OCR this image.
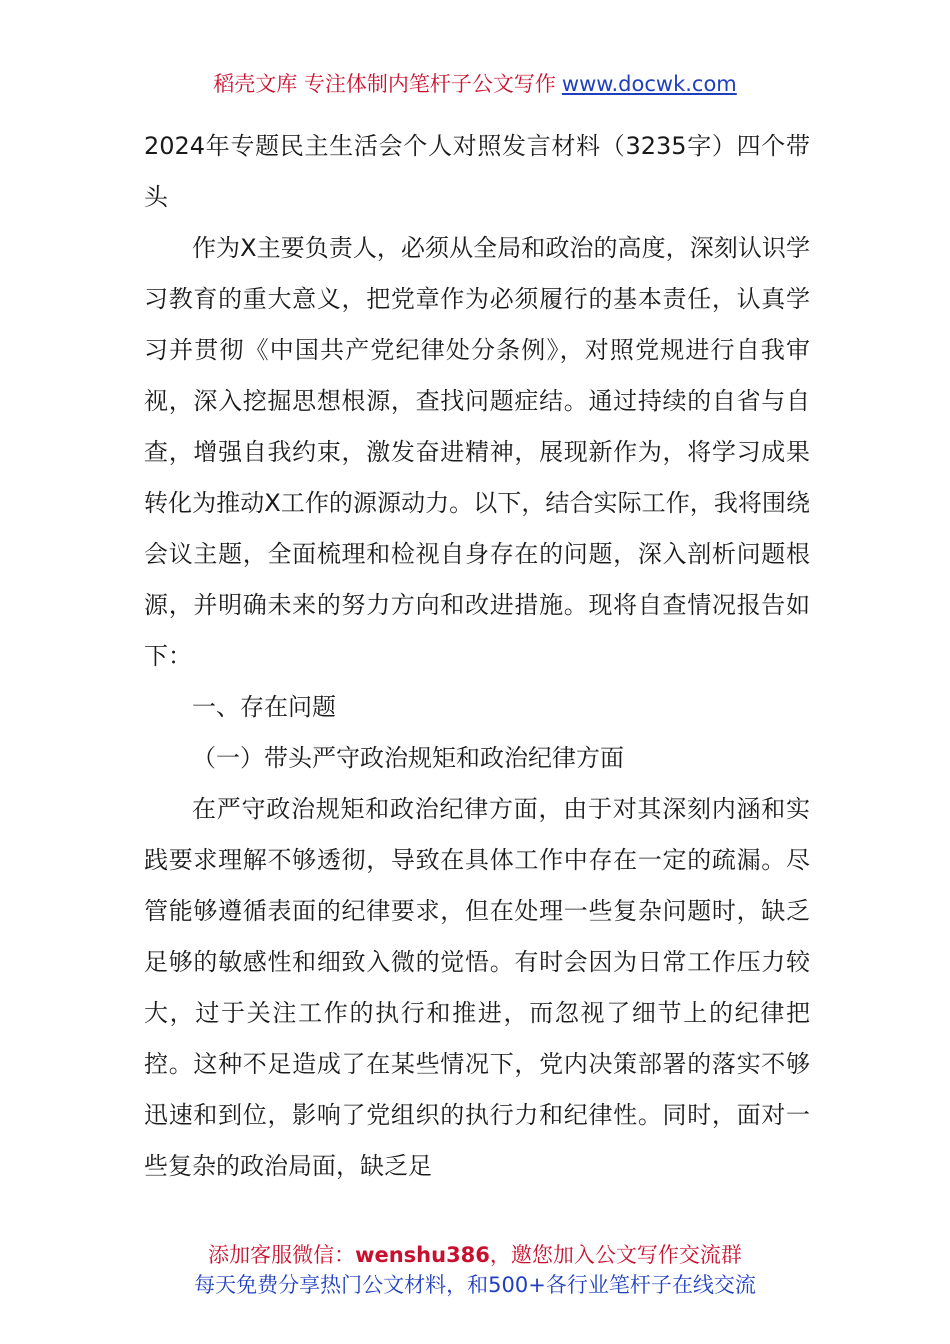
稻壳文库 专注体制内笔杆子公文写作 www.docwk.com

2024年专题民主生活会个人对照发言材料（3235字）四个带头

作为X主要负责人，必须从全局和政治的高度，深刻认识学习教育的重大意义，把党章作为必须履行的基本责任，认真学习并贯彻《中国共产党纪律处分条例》，对照党规进行自我审视，深入挖掘思想根源，查找问题症结。通过持续的自省与自查，增强自我约束，激发奋进精神，展现新作为，将学习成果转化为推动X工作的源源动力。以下，结合实际工作，我将围绕会议主题，全面梳理和检视自身存在的问题，深入剖析问题根源，并明确未来的努力方向和改进措施。现将自查情况报告如下：

一、存在问题

（一）带头严守政治规矩和政治纪律方面

在严守政治规矩和政治纪律方面，由于对其深刻内涵和实践要求理解不够透彻，导致在具体工作中存在一定的疏漏。尽管能够遵循表面的纪律要求，但在处理一些复杂问题时，缺乏足够的敏感性和细致入微的觉悟。有时会因为日常工作压力较大，过于关注工作的执行和推进，而忽视了细节上的纪律把控。这种不足造成了在某些情况下，党内决策部署的落实不够迅速和到位，影响了党组织的执行力和纪律性。同时，面对一些复杂的政治局面，缺乏足

添加客服微信：wenshu386，邀您加入公文写作交流群
每天免费分享热门公文材料，和500+各行业笔杆子在线交流
